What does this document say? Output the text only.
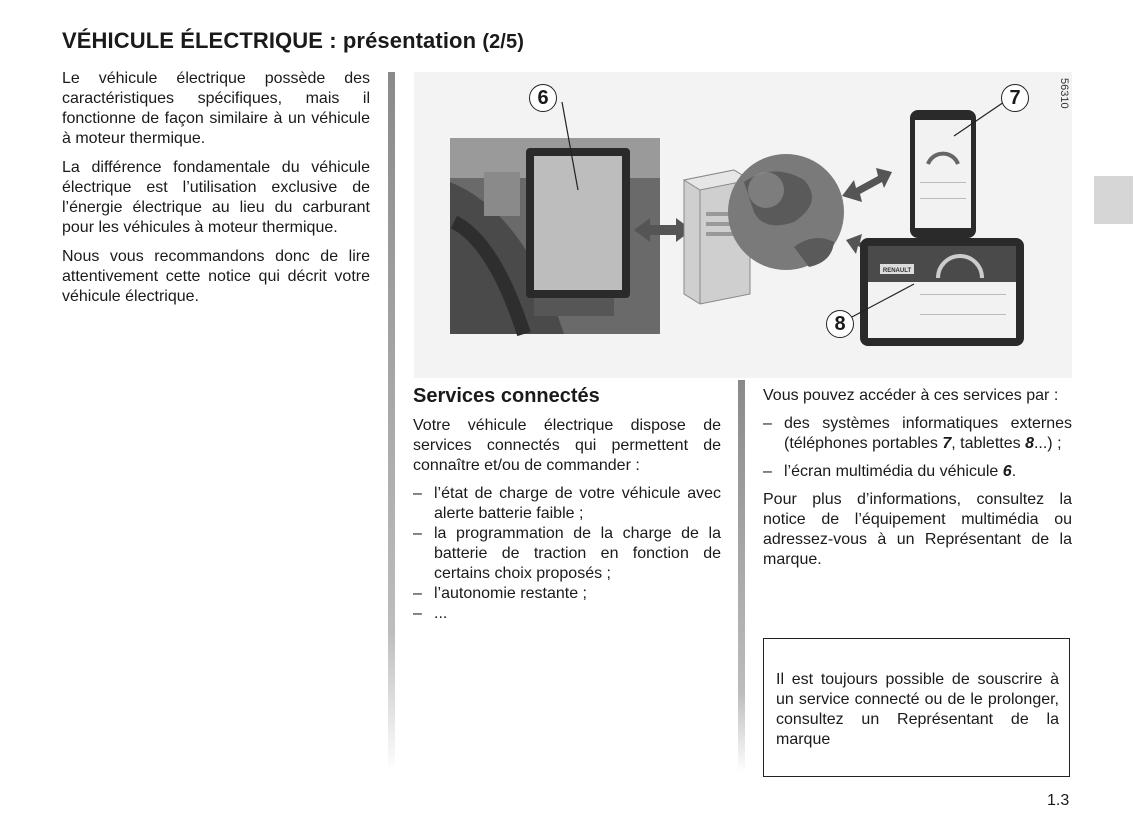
VÉHICULE ÉLECTRIQUE : présentation (2/5)

Le véhicule électrique possède des caractéristiques spécifiques, mais il fonctionne de façon similaire à un véhicule à moteur thermique.

La différence fondamentale du véhicule électrique est l’utilisation exclusive de l’énergie électrique au lieu du carburant pour les véhicules à moteur thermique.

Nous vous recommandons donc de lire attentivement cette notice qui décrit votre véhicule électrique.

RENAULT
6	7
8
56310
Services connectés

Votre véhicule électrique dispose de services connectés qui permettent de connaître et/ou de commander :

– l’état de charge de votre véhicule avec alerte batterie faible ;
– la programmation de la charge de la batterie de traction en fonction de certains choix proposés ;
– l’autonomie restante ;
– ...

Vous pouvez accéder à ces services par :

– des systèmes informatiques externes (téléphones portables 7, tablettes 8...) ;
– l’écran multimédia du véhicule 6.

Pour plus d’informations, consultez la notice de l’équipement multimédia ou adressez-vous à un Représentant de la marque.

Il est toujours possible de souscrire à un service connecté ou de le prolonger, consultez un Représentant de la marque

1.3
